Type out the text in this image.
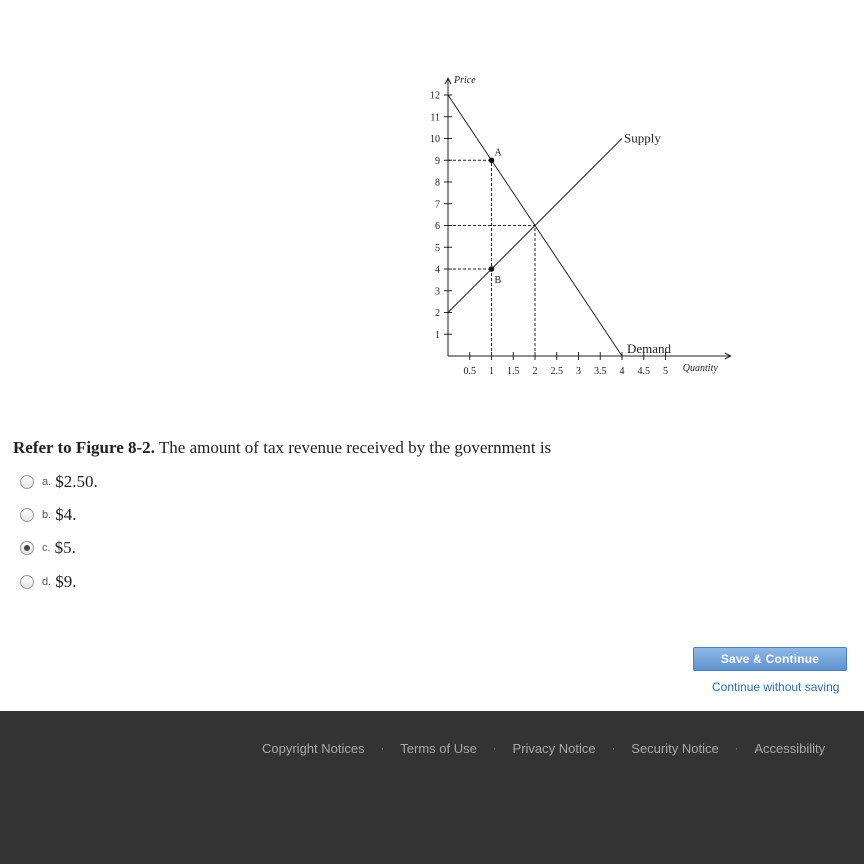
1
2
3
4
5
6
7
8
9
10
11
12
0.5 1 1.5 2 2.5 3 3.5 4 4.5 5
Price
Quantity
Supply
Demand
A
B
Refer to Figure 8-2. The amount of tax revenue received by the government is
a. $2.50.
b. $4.
c. $5.
d. $9.
Save & Continue
Continue without saving
Copyright Notices · Terms of Use · Privacy Notice · Security Notice · Accessibility
